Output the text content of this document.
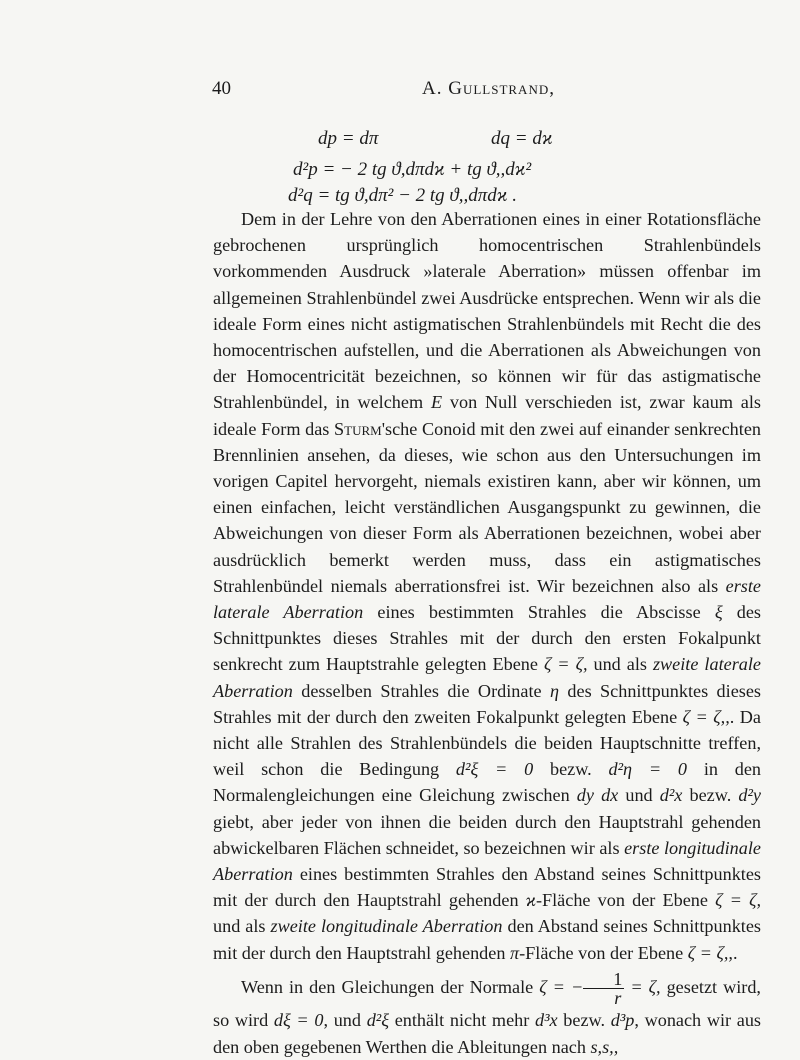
40	A. Gullstrand,
dp = dπ	dq = dϰ
d²p = − 2 tg ϑ,dπdϰ + tg ϑ,,dϰ²
d²q = tg ϑ,dπ² − 2 tg ϑ,,dπdϰ .

Dem in der Lehre von den Aberrationen eines in einer Rotationsfläche gebrochenen ursprünglich homocentrischen Strahlenbündels vorkommenden Ausdruck »laterale Aberration» müssen offenbar im allgemeinen Strahlenbündel zwei Ausdrücke entsprechen. Wenn wir als die ideale Form eines nicht astigmatischen Strahlenbündels mit Recht die des homocentrischen aufstellen, und die Aberrationen als Abweichungen von der Homocentricität bezeichnen, so können wir für das astigmatische Strahlenbündel, in welchem E von Null verschieden ist, zwar kaum als ideale Form das Sturm'sche Conoid mit den zwei auf einander senkrechten Brennlinien ansehen, da dieses, wie schon aus den Untersuchungen im vorigen Capitel hervorgeht, niemals existiren kann, aber wir können, um einen einfachen, leicht verständlichen Ausgangspunkt zu gewinnen, die Abweichungen von dieser Form als Aberrationen bezeichnen, wobei aber ausdrücklich bemerkt werden muss, dass ein astigmatisches Strahlenbündel niemals aberrationsfrei ist. Wir bezeichnen also als erste laterale Aberration eines bestimmten Strahles die Abscisse ξ des Schnittpunktes dieses Strahles mit der durch den ersten Fokalpunkt senkrecht zum Hauptstrahle gelegten Ebene ζ = ζ, und als zweite laterale Aberration desselben Strahles die Ordinate η des Schnittpunktes dieses Strahles mit der durch den zweiten Fokalpunkt gelegten Ebene ζ = ζ,,. Da nicht alle Strahlen des Strahlenbündels die beiden Hauptschnitte treffen, weil schon die Bedingung d²ξ = 0 bezw. d²η = 0 in den Normalengleichungen eine Gleichung zwischen dy dx und d²x bezw. d²y giebt, aber jeder von ihnen die beiden durch den Hauptstrahl gehenden abwickelbaren Flächen schneidet, so bezeichnen wir als erste longitudinale Aberration eines bestimmten Strahles den Abstand seines Schnittpunktes mit der durch den Hauptstrahl gehenden ϰ-Fläche von der Ebene ζ = ζ, und als zweite longitudinale Aberration den Abstand seines Schnittpunktes mit der durch den Hauptstrahl gehenden π-Fläche von der Ebene ζ = ζ,,.

Wenn in den Gleichungen der Normale ζ = − $\frac{1}{r} = \zeta$, gesetzt wird, so wird dξ = 0, und d²ξ enthält nicht mehr d³x bezw. d³p, wonach wir aus den oben gegebenen Werthen die Ableitungen nach s,s,,
